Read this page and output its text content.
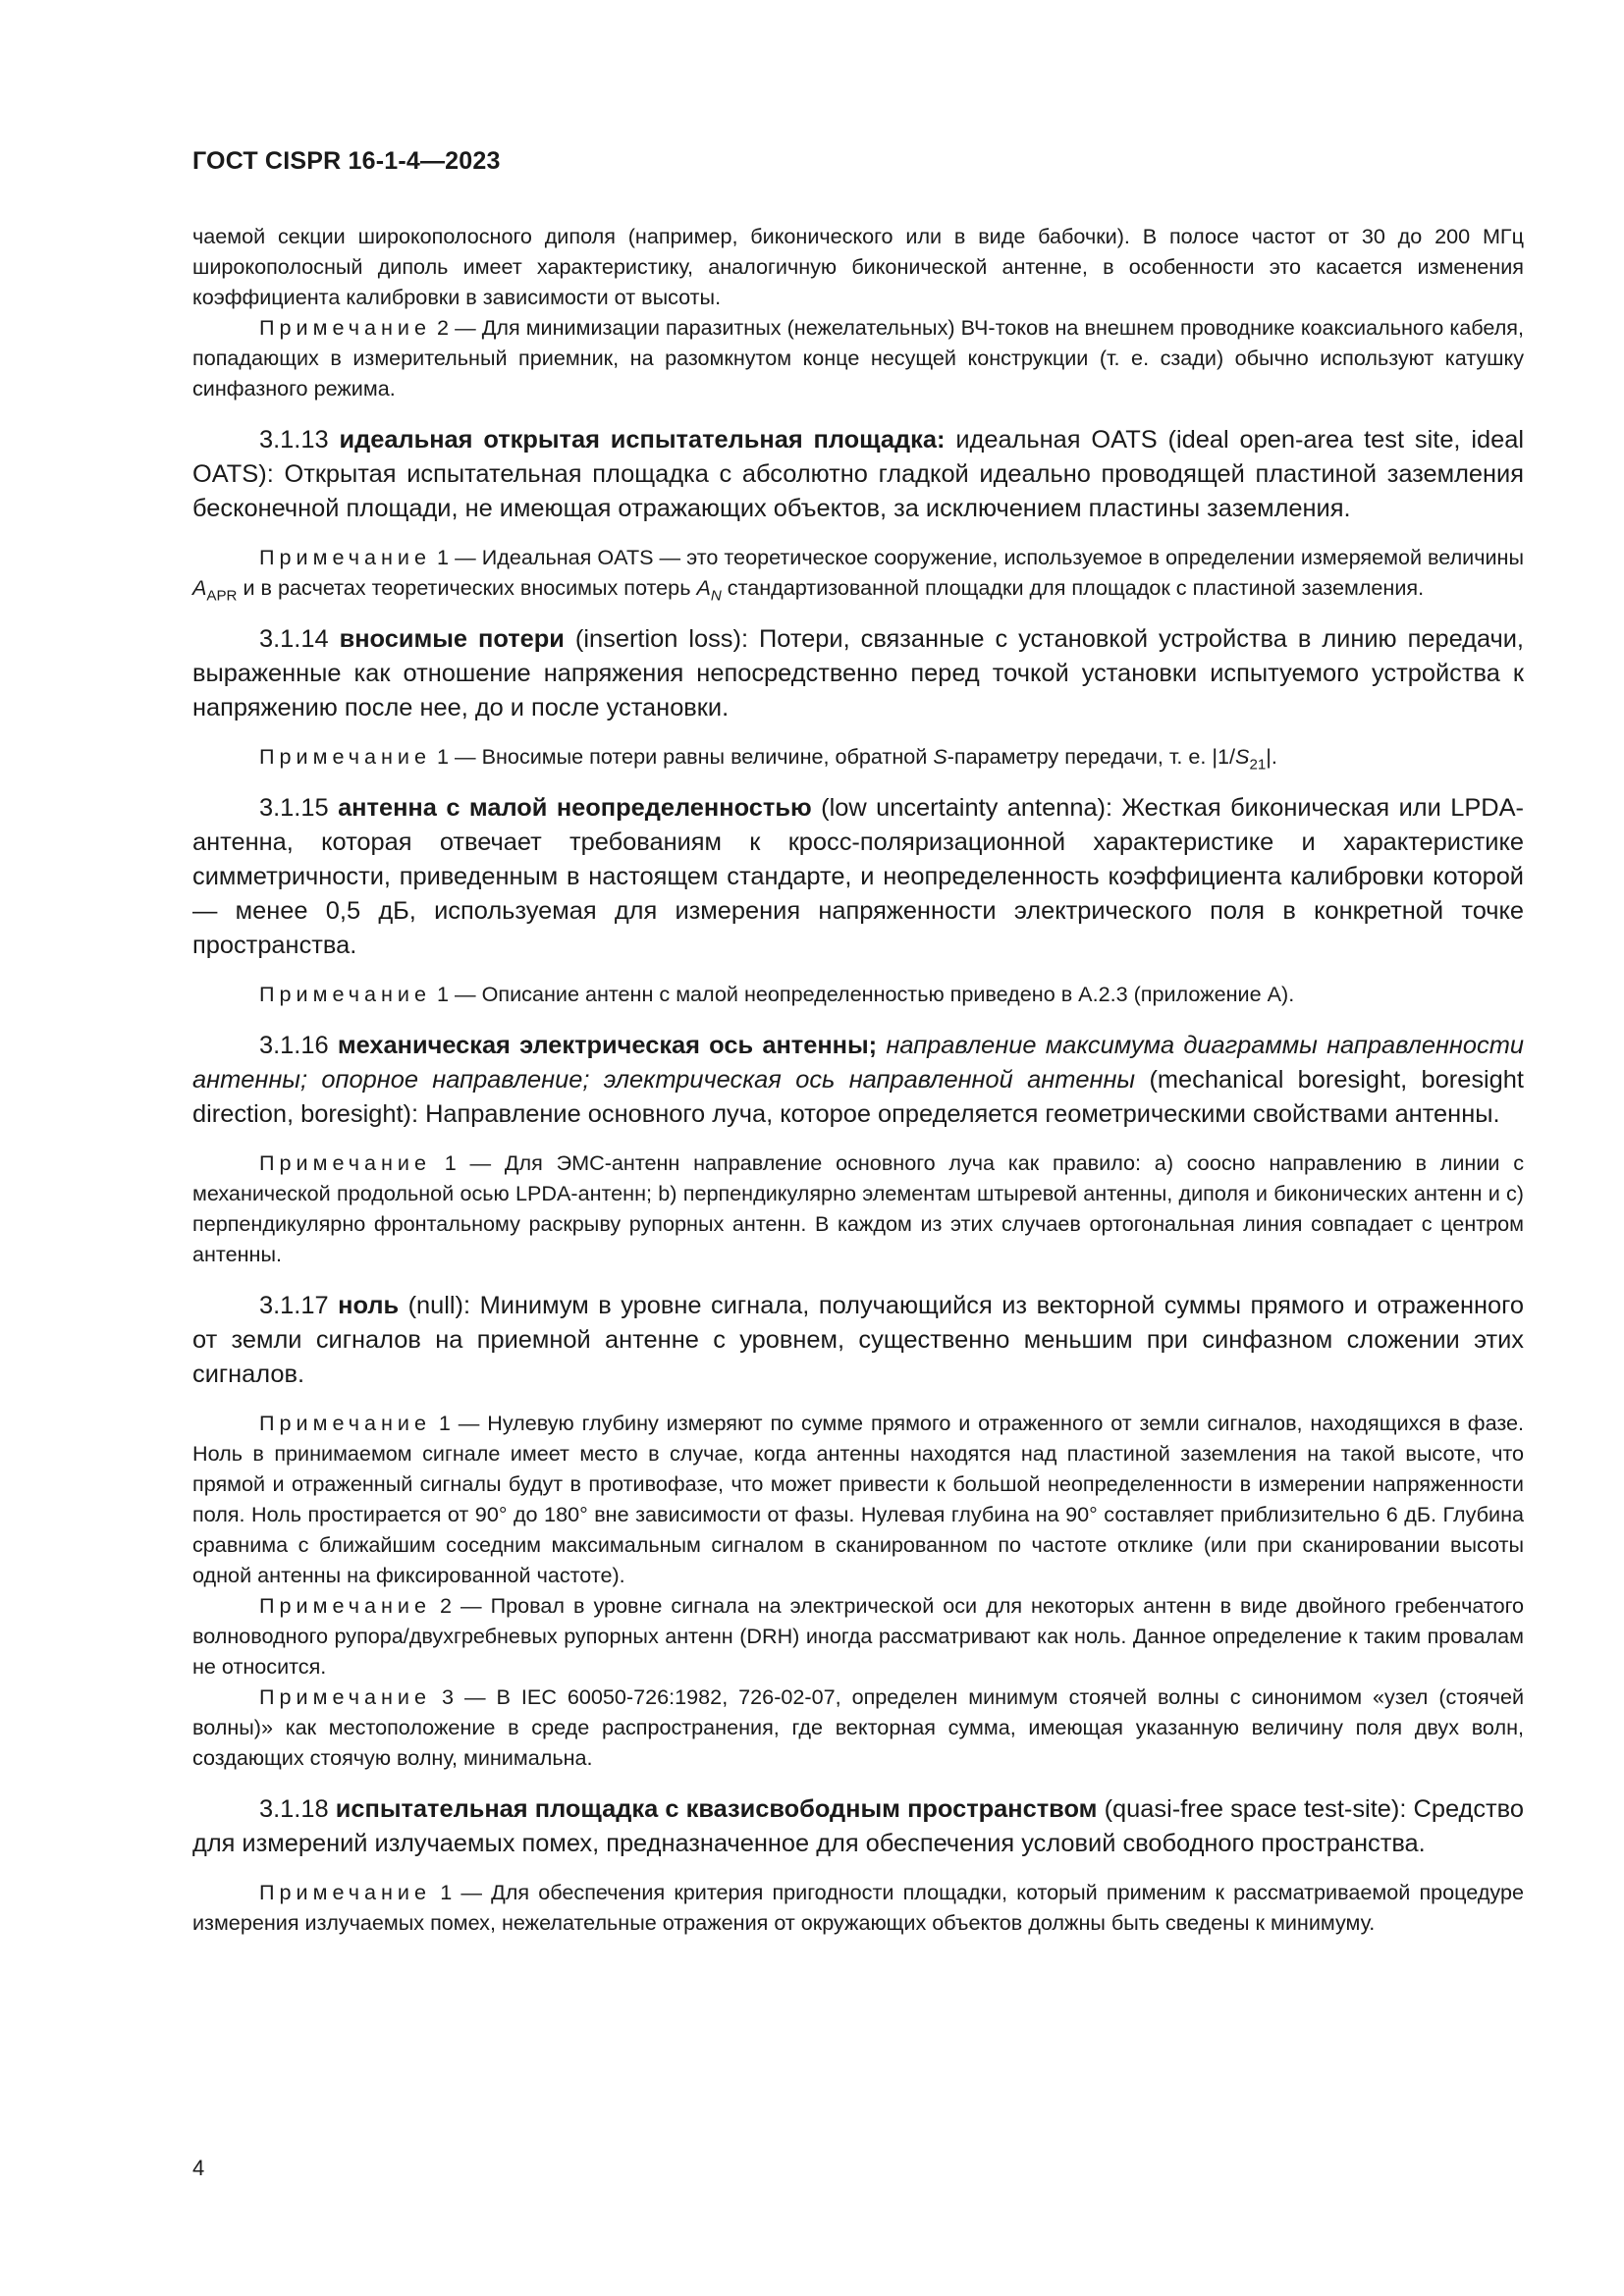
ГОСТ CISPR 16-1-4—2023

чаемой секции широкополосного диполя (например, биконического или в виде бабочки). В полосе частот от 30 до 200 МГц широкополосный диполь имеет характеристику, аналогичную биконической антенне, в особенности это касается изменения коэффициента калибровки в зависимости от высоты.

Примечание 2 — Для минимизации паразитных (нежелательных) ВЧ-токов на внешнем проводнике коаксиального кабеля, попадающих в измерительный приемник, на разомкнутом конце несущей конструкции (т. е. сзади) обычно используют катушку синфазного режима.

3.1.13 идеальная открытая испытательная площадка: идеальная OATS (ideal open-area test site, ideal OATS): Открытая испытательная площадка с абсолютно гладкой идеально проводящей пластиной заземления бесконечной площади, не имеющая отражающих объектов, за исключением пластины заземления.

Примечание 1 — Идеальная OATS — это теоретическое сооружение, используемое в определении измеряемой величины $A_{APR}$ и в расчетах теоретических вносимых потерь $A_N$ стандартизованной площадки для площадок с пластиной заземления.

3.1.14 вносимые потери (insertion loss): Потери, связанные с установкой устройства в линию передачи, выраженные как отношение напряжения непосредственно перед точкой установки испытуемого устройства к напряжению после нее, до и после установки.

Примечание 1 — Вносимые потери равны величине, обратной S-параметру передачи, т. е. $|1/S_{21}|$.

3.1.15 антенна с малой неопределенностью (low uncertainty antenna): Жесткая биконическая или LPDA-антенна, которая отвечает требованиям к кросс-поляризационной характеристике и характеристике симметричности, приведенным в настоящем стандарте, и неопределенность коэффициента калибровки которой — менее 0,5 дБ, используемая для измерения напряженности электрического поля в конкретной точке пространства.

Примечание 1 — Описание антенн с малой неопределенностью приведено в А.2.3 (приложение А).

3.1.16 механическая электрическая ось антенны; направление максимума диаграммы направленности антенны; опорное направление; электрическая ось направленной антенны (mechanical boresight, boresight direction, boresight): Направление основного луча, которое определяется геометрическими свойствами антенны.

Примечание 1 — Для ЭМС-антенн направление основного луча как правило: a) соосно направлению в линии с механической продольной осью LPDA-антенн; b) перпендикулярно элементам штыревой антенны, диполя и биконических антенн и c) перпендикулярно фронтальному раскрыву рупорных антенн. В каждом из этих случаев ортогональная линия совпадает с центром антенны.

3.1.17 ноль (null): Минимум в уровне сигнала, получающийся из векторной суммы прямого и отраженного от земли сигналов на приемной антенне с уровнем, существенно меньшим при синфазном сложении этих сигналов.

Примечание 1 — Нулевую глубину измеряют по сумме прямого и отраженного от земли сигналов, находящихся в фазе. Ноль в принимаемом сигнале имеет место в случае, когда антенны находятся над пластиной заземления на такой высоте, что прямой и отраженный сигналы будут в противофазе, что может привести к большой неопределенности в измерении напряженности поля. Ноль простирается от 90° до 180° вне зависимости от фазы. Нулевая глубина на 90° составляет приблизительно 6 дБ. Глубина сравнима с ближайшим соседним максимальным сигналом в сканированном по частоте отклике (или при сканировании высоты одной антенны на фиксированной частоте).

Примечание 2 — Провал в уровне сигнала на электрической оси для некоторых антенн в виде двойного гребенчатого волноводного рупора/двухгребневых рупорных антенн (DRH) иногда рассматривают как ноль. Данное определение к таким провалам не относится.

Примечание 3 — В IEC 60050-726:1982, 726-02-07, определен минимум стоячей волны с синонимом «узел (стоячей волны)» как местоположение в среде распространения, где векторная сумма, имеющая указанную величину поля двух волн, создающих стоячую волну, минимальна.

3.1.18 испытательная площадка с квазисвободным пространством (quasi-free space test-site): Средство для измерений излучаемых помех, предназначенное для обеспечения условий свободного пространства.

Примечание 1 — Для обеспечения критерия пригодности площадки, который применим к рассматриваемой процедуре измерения излучаемых помех, нежелательные отражения от окружающих объектов должны быть сведены к минимуму.

4
